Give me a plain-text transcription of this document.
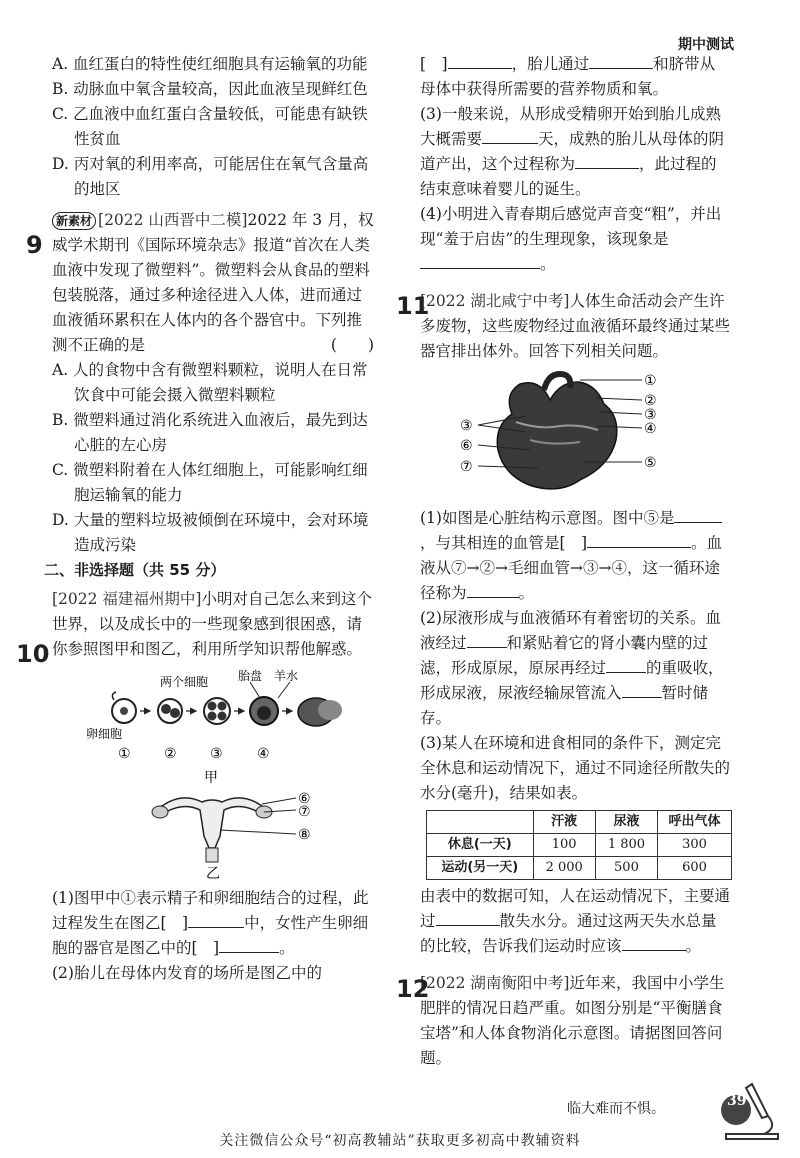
期中测试

A. 血红蛋白的特性使红细胞具有运输氧的功能

B. 动脉血中氧含量较高，因此血液呈现鲜红色

C. 乙血液中血红蛋白含量较低，可能患有缺铁性贫血

D. 丙对氧的利用率高，可能居住在氧气含量高的地区

新素材 [2022 山西晋中二模]2022 年 3 月，权威学术期刊《国际环境杂志》报道“首次在人类血液中发现了微塑料”。微塑料会从食品的塑料包装脱落，通过多种途径进入人体，进而通过血液循环累积在人体内的各个器官中。下列推测不正确的是	(　　)

A. 人的食物中含有微塑料颗粒，说明人在日常饮食中可能会摄入微塑料颗粒

B. 微塑料通过消化系统进入血液后，最先到达心脏的左心房

C. 微塑料附着在人体红细胞上，可能影响红细胞运输氧的能力

D. 大量的塑料垃圾被倾倒在环境中，会对环境造成污染

二、非选择题（共 55 分）

[2022 福建福州期中]小明对自己怎么来到这个世界，以及成长中的一些现象感到很困惑，请你参照图甲和图乙，利用所学知识帮他解惑。

两个细胞 胎盘 羊水
卵细胞
① ② ③ ④
甲
⑥
⑦
⑧
乙

(1)图甲中①表示精子和卵细胞结合的过程，此过程发生在图乙[　]	中，女性产生卵细胞的器官是图乙中的[　]	。

(2)胎儿在母体内发育的场所是图乙中的

9
10

[　]	，胎儿通过	和脐带从

母体中获得所需要的营养物质和氧。

(3)一般来说，从形成受精卵开始到胎儿成熟大概需要	天，成熟的胎儿从母体的阴道产出，这个过程称为	，此过程的结束意味着婴儿的诞生。

(4)小明进入青春期后感觉声音变“粗”，并出现“羞于启齿”的生理现象，该现象是。

[2022 湖北咸宁中考]人体生命活动会产生许多废物，这些废物经过血液循环最终通过某些器官排出体外。回答下列相关问题。

①
②
③
④
⑤
③
⑥
⑦

(1)如图是心脏结构示意图。图中⑤是，与其相连的血管是[　]	。血液从⑦→②→毛细血管→③→④，这一循环途径称为	。

(2)尿液形成与血液循环有着密切的关系。血液经过	和紧贴着它的肾小囊内壁的过滤，形成原尿，原尿再经过	的重吸收，形成尿液，尿液经输尿管流入	暂时储存。

(3)某人在环境和进食相同的条件下，测定完全休息和运动情况下，通过不同途径所散失的水分(毫升)，结果如表。

	汗液	尿液	呼出气体
休息(一天)	100	1 800	300
运动(另一天)	2 000	500	600

由表中的数据可知，人在运动情况下，主要通过	散失水分。通过这两天失水总量的比较，告诉我们运动时应该	。

[2022 湖南衡阳中考]近年来，我国中小学生肥胖的情况日趋严重。如图分别是“平衡膳食宝塔”和人体食物消化示意图。请据图回答问题。

11
12
临大难而不惧。	39
关注微信公众号“初高教辅站”获取更多初高中教辅资料
